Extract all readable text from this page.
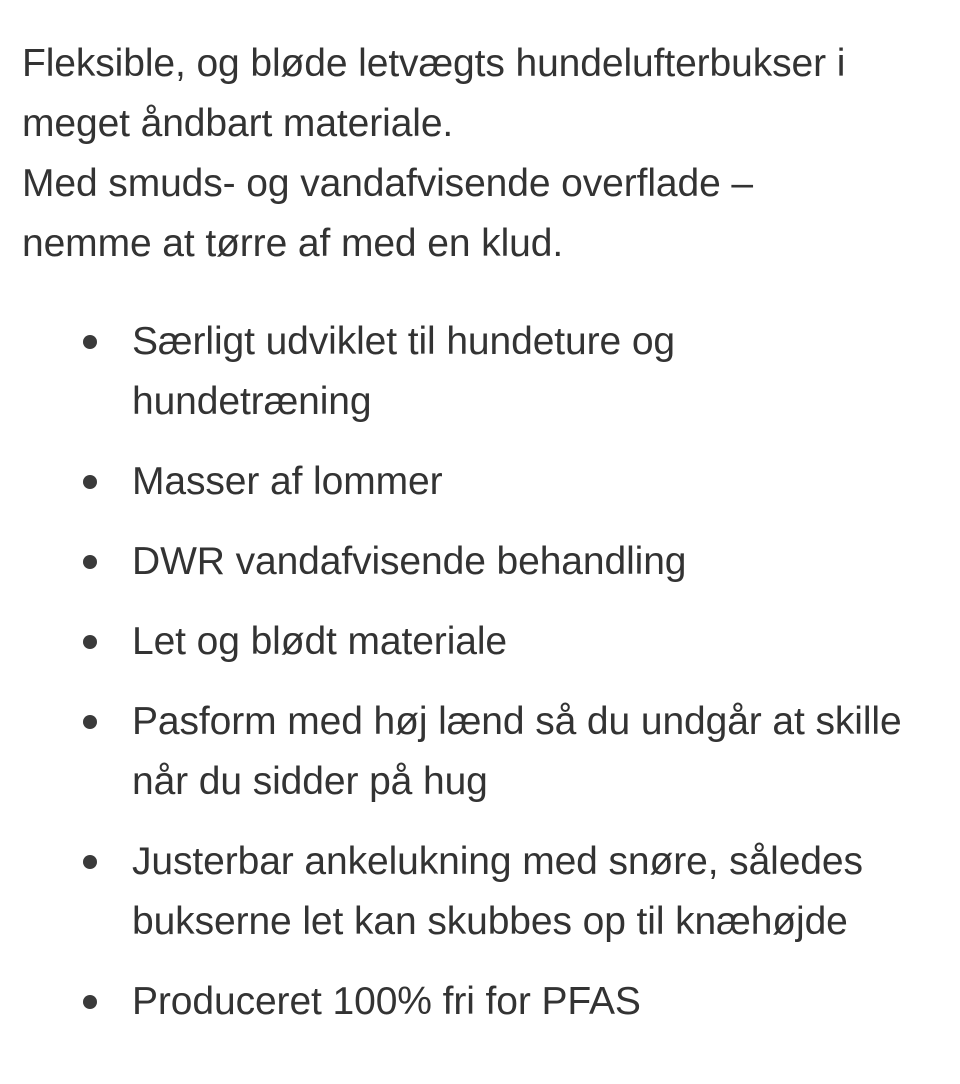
Fleksible, og bløde letvægts hundelufterbukser i
meget åndbart materiale.
Med smuds- og vandafvisende overflade –
nemme at tørre af med en klud.
Særligt udviklet til hundeture og hundetræning
Masser af lommer
DWR vandafvisende behandling
Let og blødt materiale
Pasform med høj lænd så du undgår at skille når du sidder på hug
Justerbar ankelukning med snøre, således bukserne let kan skubbes op til knæhøjde
Produceret 100% fri for PFAS
